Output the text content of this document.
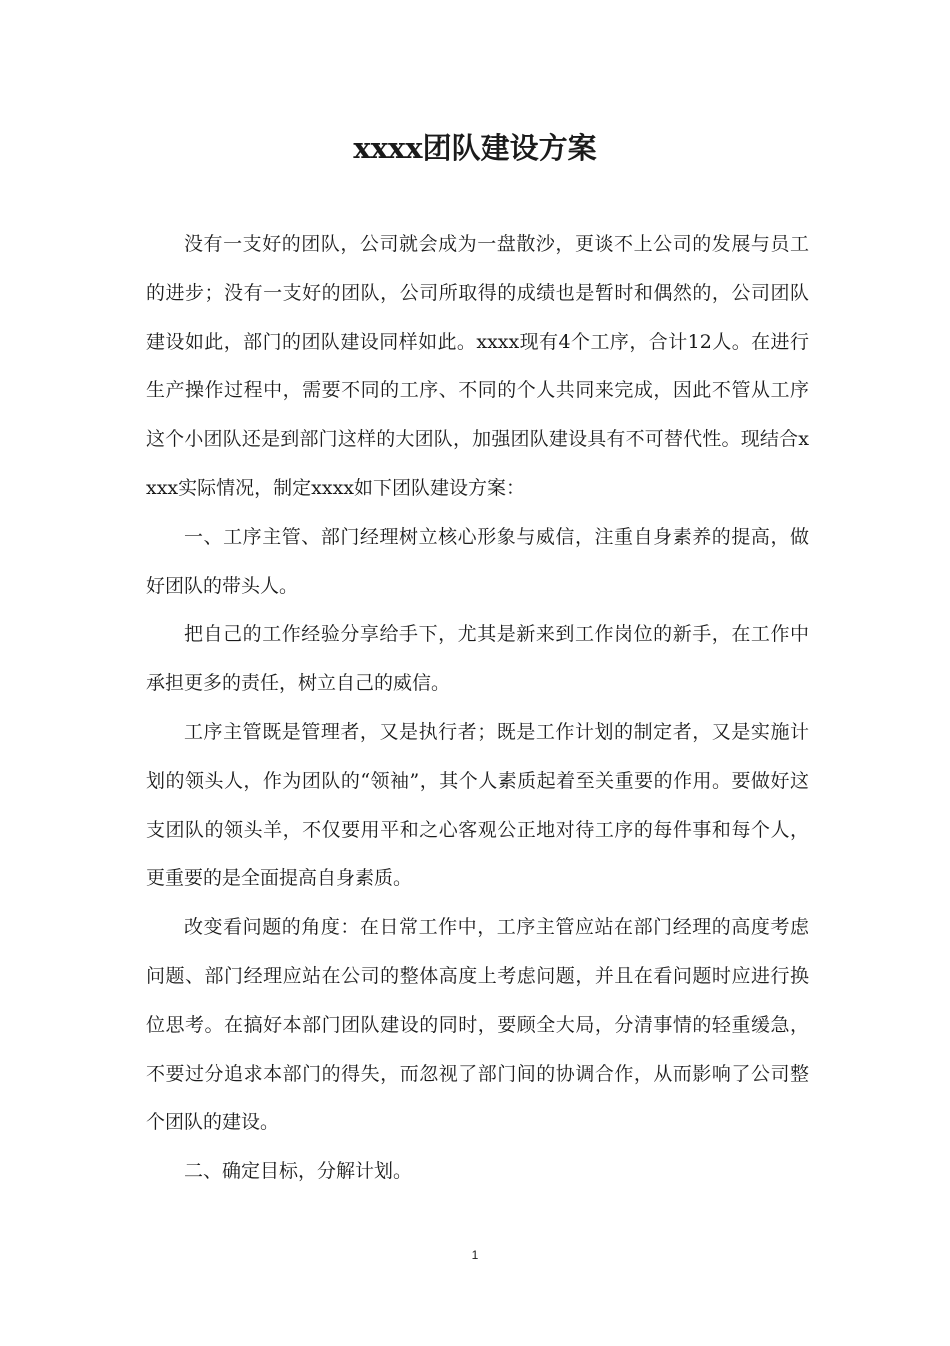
xxxx团队建设方案

没有一支好的团队，公司就会成为一盘散沙，更谈不上公司的发展与员工的进步；没有一支好的团队，公司所取得的成绩也是暂时和偶然的，公司团队建设如此，部门的团队建设同样如此。xxxx现有4个工序，合计12人。在进行生产操作过程中，需要不同的工序、不同的个人共同来完成，因此不管从工序这个小团队还是到部门这样的大团队，加强团队建设具有不可替代性。现结合xxxx实际情况，制定xxxx如下团队建设方案：

一、工序主管、部门经理树立核心形象与威信，注重自身素养的提高，做好团队的带头人。

把自己的工作经验分享给手下，尤其是新来到工作岗位的新手，在工作中承担更多的责任，树立自己的威信。

工序主管既是管理者，又是执行者；既是工作计划的制定者，又是实施计划的领头人，作为团队的“领袖”，其个人素质起着至关重要的作用。要做好这支团队的领头羊，不仅要用平和之心客观公正地对待工序的每件事和每个人，更重要的是全面提高自身素质。

改变看问题的角度：在日常工作中，工序主管应站在部门经理的高度考虑问题、部门经理应站在公司的整体高度上考虑问题，并且在看问题时应进行换位思考。在搞好本部门团队建设的同时，要顾全大局，分清事情的轻重缓急，不要过分追求本部门的得失，而忽视了部门间的协调合作，从而影响了公司整个团队的建设。

二、确定目标，分解计划。

1
